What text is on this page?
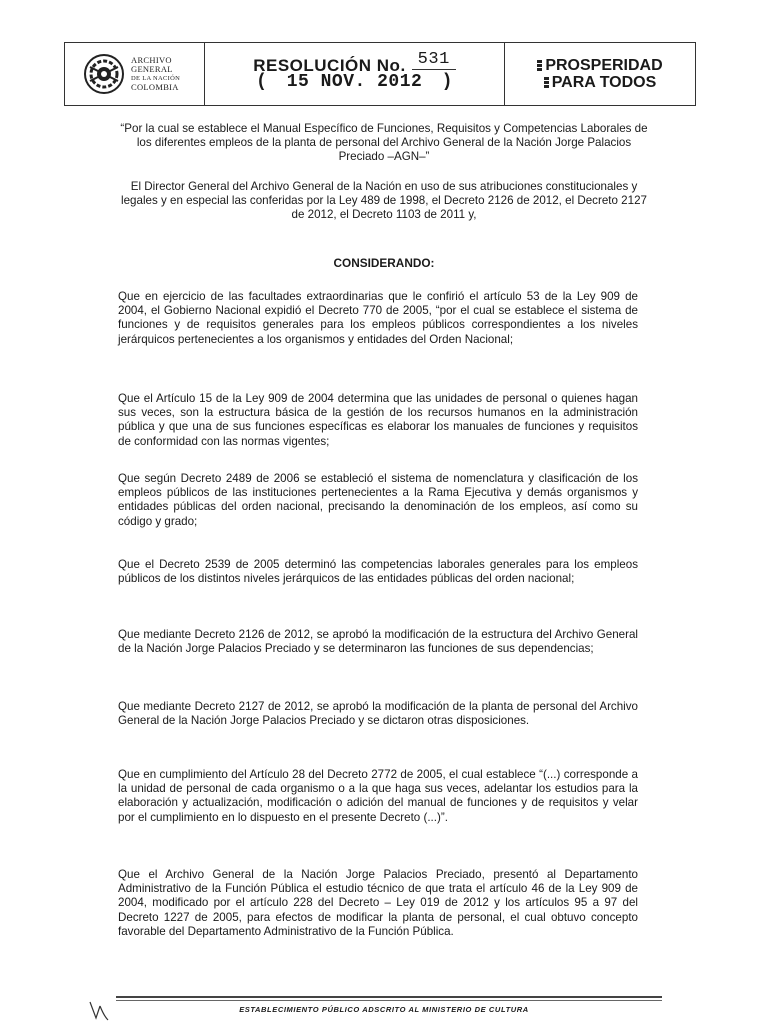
ARCHIVO
GENERAL
DE LA NACIÓN
COLOMBIA
RESOLUCIÓN No. 531
( 15 NOV. 2012 )
PROSPERIDAD
PARA TODOS
“Por la cual se establece el Manual Específico de Funciones, Requisitos y Competencias Laborales de los diferentes empleos de la planta de personal del Archivo General de la Nación Jorge Palacios Preciado –AGN–”
El Director General del Archivo General de la Nación en uso de sus atribuciones constitucionales y legales y en especial las conferidas por la Ley 489 de 1998, el Decreto 2126 de 2012, el Decreto 2127 de 2012, el Decreto 1103 de 2011 y,
CONSIDERANDO:

Que en ejercicio de las facultades extraordinarias que le confirió el artículo 53 de la Ley 909 de 2004, el Gobierno Nacional expidió el Decreto 770 de 2005, “por el cual se establece el sistema de funciones y de requisitos generales para los empleos públicos correspondientes a los niveles jerárquicos pertenecientes a los organismos y entidades del Orden Nacional;

Que el Artículo 15 de la Ley 909 de 2004 determina que las unidades de personal o quienes hagan sus veces, son la estructura básica de la gestión de los recursos humanos en la administración pública y que una de sus funciones específicas es elaborar los manuales de funciones y requisitos de conformidad con las normas vigentes;

Que según Decreto 2489 de 2006 se estableció el sistema de nomenclatura y clasificación de los empleos públicos de las instituciones pertenecientes a la Rama Ejecutiva y demás organismos y entidades públicas del orden nacional, precisando la denominación de los empleos, así como su código y grado;

Que el Decreto 2539 de 2005 determinó las competencias laborales generales para los empleos públicos de los distintos niveles jerárquicos de las entidades públicas del orden nacional;

Que mediante Decreto 2126 de 2012, se aprobó la modificación de la estructura del Archivo General de la Nación Jorge Palacios Preciado y se determinaron las funciones de sus dependencias;

Que mediante Decreto 2127 de 2012, se aprobó la modificación de la planta de personal del Archivo General de la Nación Jorge Palacios Preciado y se dictaron otras disposiciones.

Que en cumplimiento del Artículo 28 del Decreto 2772 de 2005, el cual establece “(...) corresponde a la unidad de personal de cada organismo o a la que haga sus veces, adelantar los estudios para la elaboración y actualización, modificación o adición del manual de funciones y de requisitos y velar por el cumplimiento en lo dispuesto en el presente Decreto (...)”.

Que el Archivo General de la Nación Jorge Palacios Preciado, presentó al Departamento Administrativo de la Función Pública el estudio técnico de que trata el artículo 46 de la Ley 909 de 2004, modificado por el artículo 228 del Decreto – Ley 019 de 2012 y los artículos 95 a 97 del Decreto 1227 de 2005, para efectos de modificar la planta de personal, el cual obtuvo concepto favorable del Departamento Administrativo de la Función Pública.

ESTABLECIMIENTO PÚBLICO ADSCRITO AL MINISTERIO DE CULTURA
